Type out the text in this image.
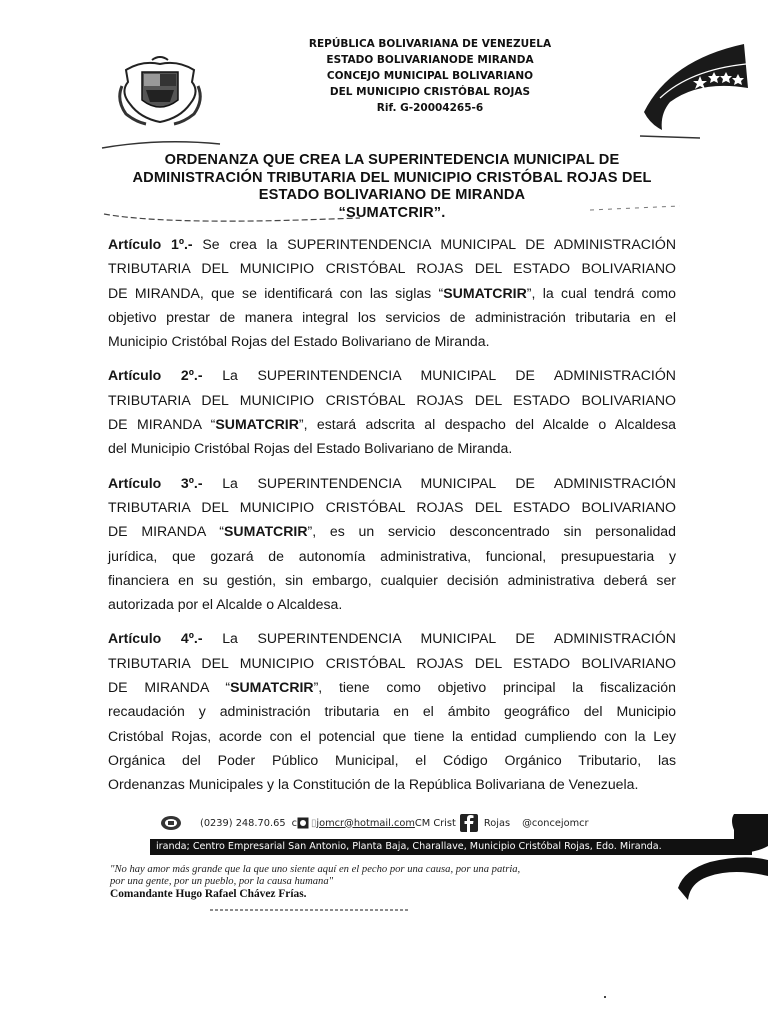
REPÚBLICA BOLIVARIANA DE VENEZUELA
ESTADO BOLIVARIANODE MIRANDA
CONCEJO MUNICIPAL BOLIVARIANO
DEL MUNICIPIO CRISTÓBAL ROJAS
Rif. G-20004265-6
ORDENANZA QUE CREA LA SUPERINTEDENCIA MUNICIPAL DE
ADMINISTRACIÓN TRIBUTARIA DEL MUNICIPIO CRISTÓBAL ROJAS DEL
ESTADO BOLIVARIANO DE MIRANDA
“SUMATCRIR”.
Artículo 1º.- Se crea la SUPERINTENDENCIA MUNICIPAL DE ADMINISTRACIÓN
TRIBUTARIA DEL MUNICIPIO CRISTÓBAL ROJAS DEL ESTADO BOLIVARIANO
DE MIRANDA, que se identificará con las siglas “SUMATCRIR”, la cual tendrá como
objetivo prestar de manera integral los servicios de administración tributaria en el
Municipio Cristóbal Rojas del Estado Bolivariano de Miranda.
Artículo 2º.- La SUPERINTENDENCIA MUNICIPAL DE ADMINISTRACIÓN
TRIBUTARIA DEL MUNICIPIO CRISTÓBAL ROJAS DEL ESTADO BOLIVARIANO
DE MIRANDA “SUMATCRIR”, estará adscrita al despacho del Alcalde o Alcaldesa
del Municipio Cristóbal Rojas del Estado Bolivariano de Miranda.
Artículo 3º.- La SUPERINTENDENCIA MUNICIPAL DE ADMINISTRACIÓN
TRIBUTARIA DEL MUNICIPIO CRISTÓBAL ROJAS DEL ESTADO BOLIVARIANO
DE MIRANDA “SUMATCRIR”, es un servicio desconcentrado sin personalidad
jurídica, que gozará de autonomía administrativa, funcional, presupuestaria y
financiera en su gestión, sin embargo, cualquier decisión administrativa deberá ser
autorizada por el Alcalde o Alcaldesa.
Artículo 4º.- La SUPERINTENDENCIA MUNICIPAL DE ADMINISTRACIÓN
TRIBUTARIA DEL MUNICIPIO CRISTÓBAL ROJAS DEL ESTADO BOLIVARIANO
DE MIRANDA “SUMATCRIR”, tiene como objetivo principal la fiscalización
recaudación y administración tributaria en el ámbito geográfico del Municipio
Cristóbal Rojas, acorde con el potencial que tiene la entidad cumpliendo con la Ley
Orgánica del Poder Público Municipal, el Código Orgánico Tributario, las
Ordenanzas Municipales y la Constitución de la República Bolivariana de Venezuela.
(0239) 248.70.65 c ▯ jomcr@hotmail.com CM Crist	Rojas @concejomcr
iranda; Centro Empresarial San Antonio, Planta Baja, Charallave, Municipio Cristóbal Rojas, Edo. Miranda.
"No hay amor más grande que la que uno siente aquí en el pecho por una causa, por una patria,
por una gente, por un pueblo, por la causa humana"
Comandante Hugo Rafael Chávez Frías.
